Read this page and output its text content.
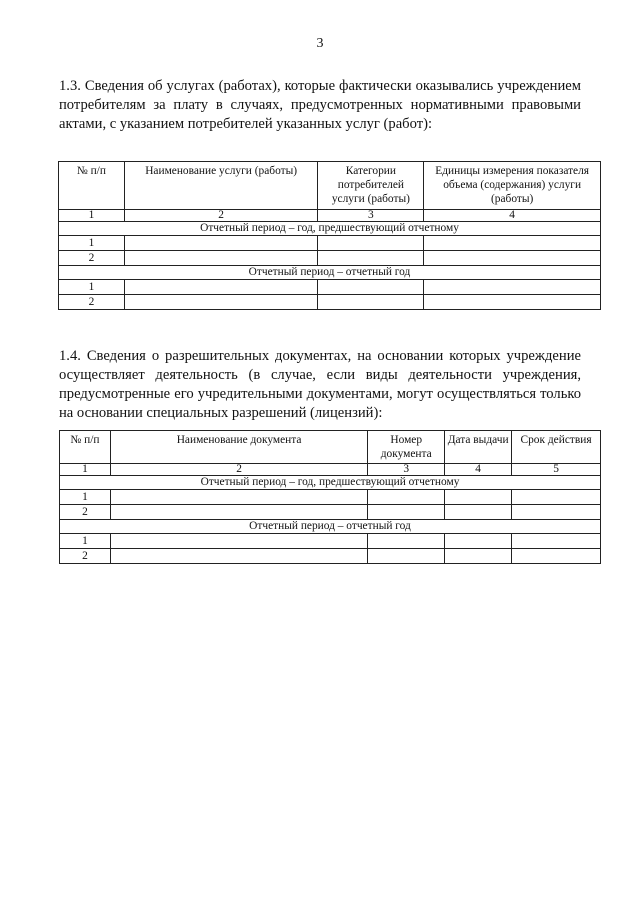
3

1.3. Сведения об услугах (работах), которые фактически оказывались учреждением потребителям за плату в случаях, предусмотренных нормативными правовыми актами, с указанием потребителей указанных услуг (работ):

№ п/п	Наименование услуги (работы)	Категории потребителей услуги (работы)	Единицы измерения показателя объема (содержания) услуги (работы)
1	2	3	4
Отчетный период – год, предшествующий отчетному			
1			
2			
Отчетный период – отчетный год			
1			
2			

1.4. Сведения о разрешительных документах, на основании которых учреждение осуществляет деятельность (в случае, если виды деятельности учреждения, предусмотренные его учредительными документами, могут осуществляться только на основании специальных разрешений (лицензий):

№ п/п	Наименование документа	Номер документа	Дата выдачи	Срок действия
1	2	3	4	5
Отчетный период – год, предшествующий отчетному				
1				
2				
Отчетный период – отчетный год				
1				
2				
